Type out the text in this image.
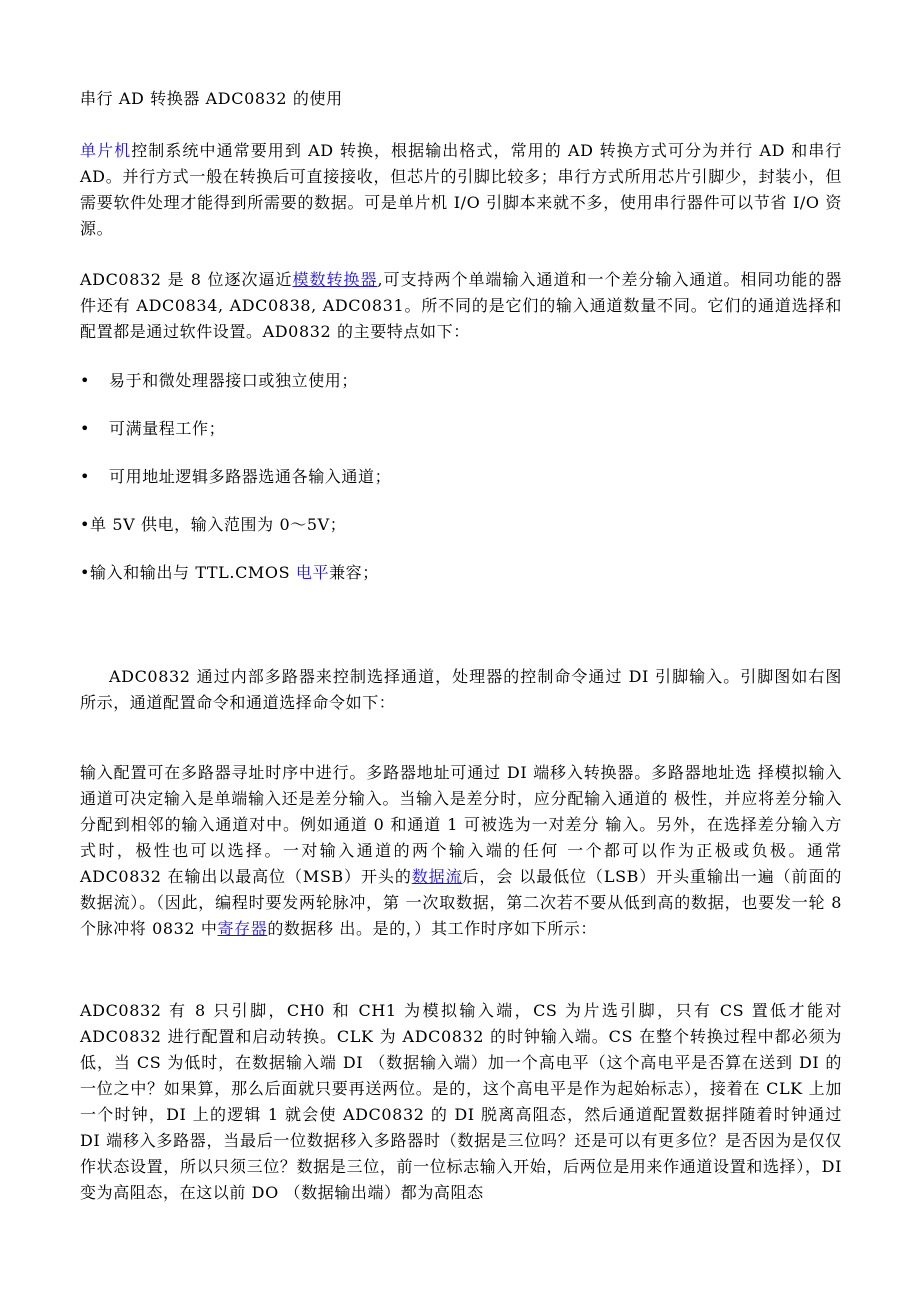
串行 AD 转换器 ADC0832 的使用

单片机控制系统中通常要用到 AD 转换，根据输出格式，常用的 AD 转换方式可分为并行 AD 和串行 AD。并行方式一般在转换后可直接接收，但芯片的引脚比较多；串行方式所用芯片引脚少，封装小，但需要软件处理才能得到所需要的数据。可是单片机 I/O 引脚本来就不多，使用串行器件可以节省 I/O 资源。

ADC0832 是 8 位逐次逼近模数转换器,可支持两个单端输入通道和一个差分输入通道。相同功能的器件还有 ADC0834, ADC0838, ADC0831。所不同的是它们的输入通道数量不同。它们的通道选择和配置都是通过软件设置。AD0832 的主要特点如下：

• 易于和微处理器接口或独立使用；

• 可满量程工作；

• 可用地址逻辑多路器选通各输入通道；

•单 5V 供电，输入范围为 0～5V；

•输入和输出与 TTL.CMOS 电平兼容；

ADC0832 通过内部多路器来控制选择通道，处理器的控制命令通过 DI 引脚输入。引脚图如右图所示，通道配置命令和通道选择命令如下：

输入配置可在多路器寻址时序中进行。多路器地址可通过 DI 端移入转换器。多路器地址选 择模拟输入通道可决定输入是单端输入还是差分输入。当输入是差分时，应分配输入通道的 极性，并应将差分输入分配到相邻的输入通道对中。例如通道 0 和通道 1 可被选为一对差分 输入。另外，在选择差分输入方式时，极性也可以选择。一对输入通道的两个输入端的任何 一个都可以作为正极或负极。通常 ADC0832 在输出以最高位（MSB）开头的数据流后，会 以最低位（LSB）开头重输出一遍（前面的数据流）。（因此，编程时要发两轮脉冲，第 一次取数据，第二次若不要从低到高的数据，也要发一轮 8 个脉冲将 0832 中寄存器的数据移 出。是的，）其工作时序如下所示：

ADC0832 有 8 只引脚，CH0 和 CH1 为模拟输入端，CS 为片选引脚，只有 CS 置低才能对 ADC0832 进行配置和启动转换。CLK 为 ADC0832 的时钟输入端。CS 在整个转换过程中都必须为低，当 CS 为低时，在数据输入端 DI （数据输入端）加一个高电平（这个高电平是否算在送到 DI 的一位之中？如果算，那么后面就只要再送两位。是的，这个高电平是作为起始标志），接着在 CLK 上加一个时钟，DI 上的逻辑 1 就会使 ADC0832 的 DI 脱离高阻态，然后通道配置数据拌随着时钟通过 DI 端移入多路器，当最后一位数据移入多路器时（数据是三位吗？还是可以有更多位？是否因为是仅仅作状态设置，所以只须三位？数据是三位，前一位标志输入开始，后两位是用来作通道设置和选择），DI 变为高阻态，在这以前 DO （数据输出端）都为高阻态
